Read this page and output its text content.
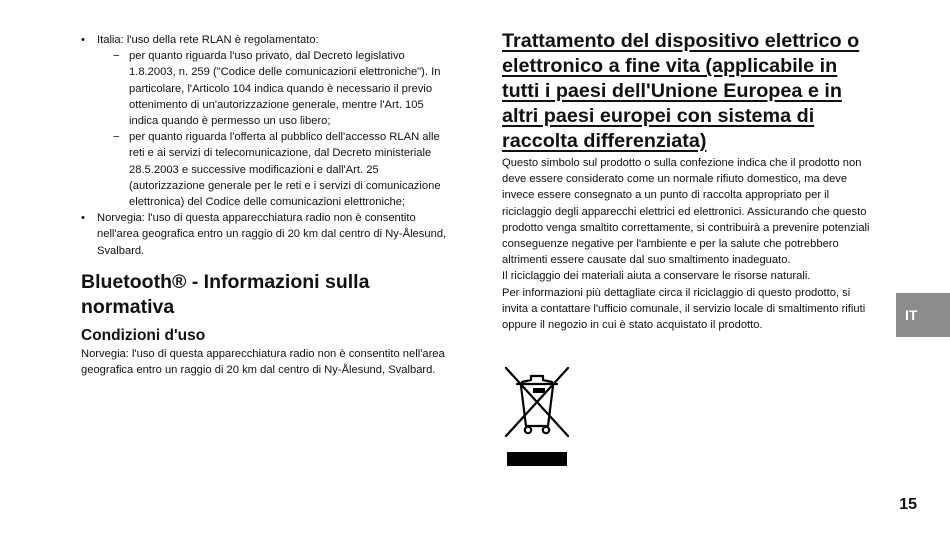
• Italia: l'uso della rete RLAN è regolamentato:
− per quanto riguarda l'uso privato, dal Decreto legislativo 1.8.2003, n. 259 ("Codice delle comunicazioni elettroniche"). In particolare, l'Articolo 104 indica quando è necessario il previo ottenimento di un'autorizzazione generale, mentre l'Art. 105 indica quando è permesso un uso libero;
− per quanto riguarda l'offerta al pubblico dell'accesso RLAN alle reti e ai servizi di telecomunicazione, dal Decreto ministeriale 28.5.2003 e successive modificazioni e dall'Art. 25 (autorizzazione generale per le reti e i servizi di comunicazione elettronica) del Codice delle comunicazioni elettroniche;
• Norvegia: l'uso di questa apparecchiatura radio non è consentito nell'area geografica entro un raggio di 20 km dal centro di Ny-Ålesund, Svalbard.
Bluetooth® - Informazioni sulla normativa
Condizioni d'uso

Norvegia: l'uso di questa apparecchiatura radio non è consentito nell'area geografica entro un raggio di 20 km dal centro di Ny-Ålesund, Svalbard.

Trattamento del dispositivo elettrico o elettronico a fine vita (applicabile in tutti i paesi dell'Unione Europea e in altri paesi europei con sistema di raccolta differenziata)

Questo simbolo sul prodotto o sulla confezione indica che il prodotto non deve essere considerato come un normale rifiuto domestico, ma deve invece essere consegnato a un punto di raccolta appropriato per il riciclaggio degli apparecchi elettrici ed elettronici. Assicurando che questo prodotto venga smaltito correttamente, si contribuirà a prevenire potenziali conseguenze negative per l'ambiente e per la salute che potrebbero altrimenti essere causate dal suo smaltimento inadeguato.

Il riciclaggio dei materiali aiuta a conservare le risorse naturali.

Per informazioni più dettagliate circa il riciclaggio di questo prodotto, si invita a contattare l'ufficio comunale, il servizio locale di smaltimento rifiuti oppure il negozio in cui è stato acquistato il prodotto.

IT
15
